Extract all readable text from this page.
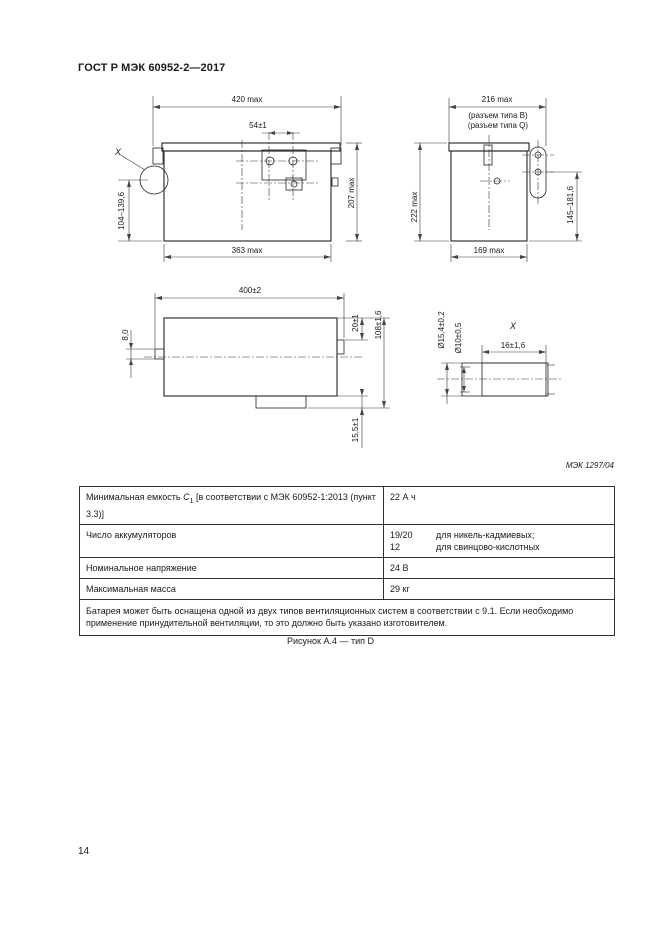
ГОСТ Р МЭК 60952-2—2017
420 max
54±1
X
207 max
104–139,6
363 max
216 max
(разъем типа B)
(разъем типа Q)
222 max	145–181,6
169 max
400±2
8,0
20±1 108±1,6
15,5±1
Ø15,4±0,2 Ø10±0,5	16±1,6
X
МЭК 1297/04
Минимальная емкость $C_1$ [в соответствии с МЭК 60952-1:2013 (пункт 3.3)]	22 А ч
Число аккумуляторов	19/20 для никель-кадмиевых;
12 для свинцово-кислотных

Номинальное напряжение	24 В
Максимальная масса	29 кг
Батарея может быть оснащена одной из двух типов вентиляционных систем в соответствии с 9.1. Если необходимо применение принудительной вентиляции, то это должно быть указано изготовителем.	
Рисунок А.4 — тип D
14
